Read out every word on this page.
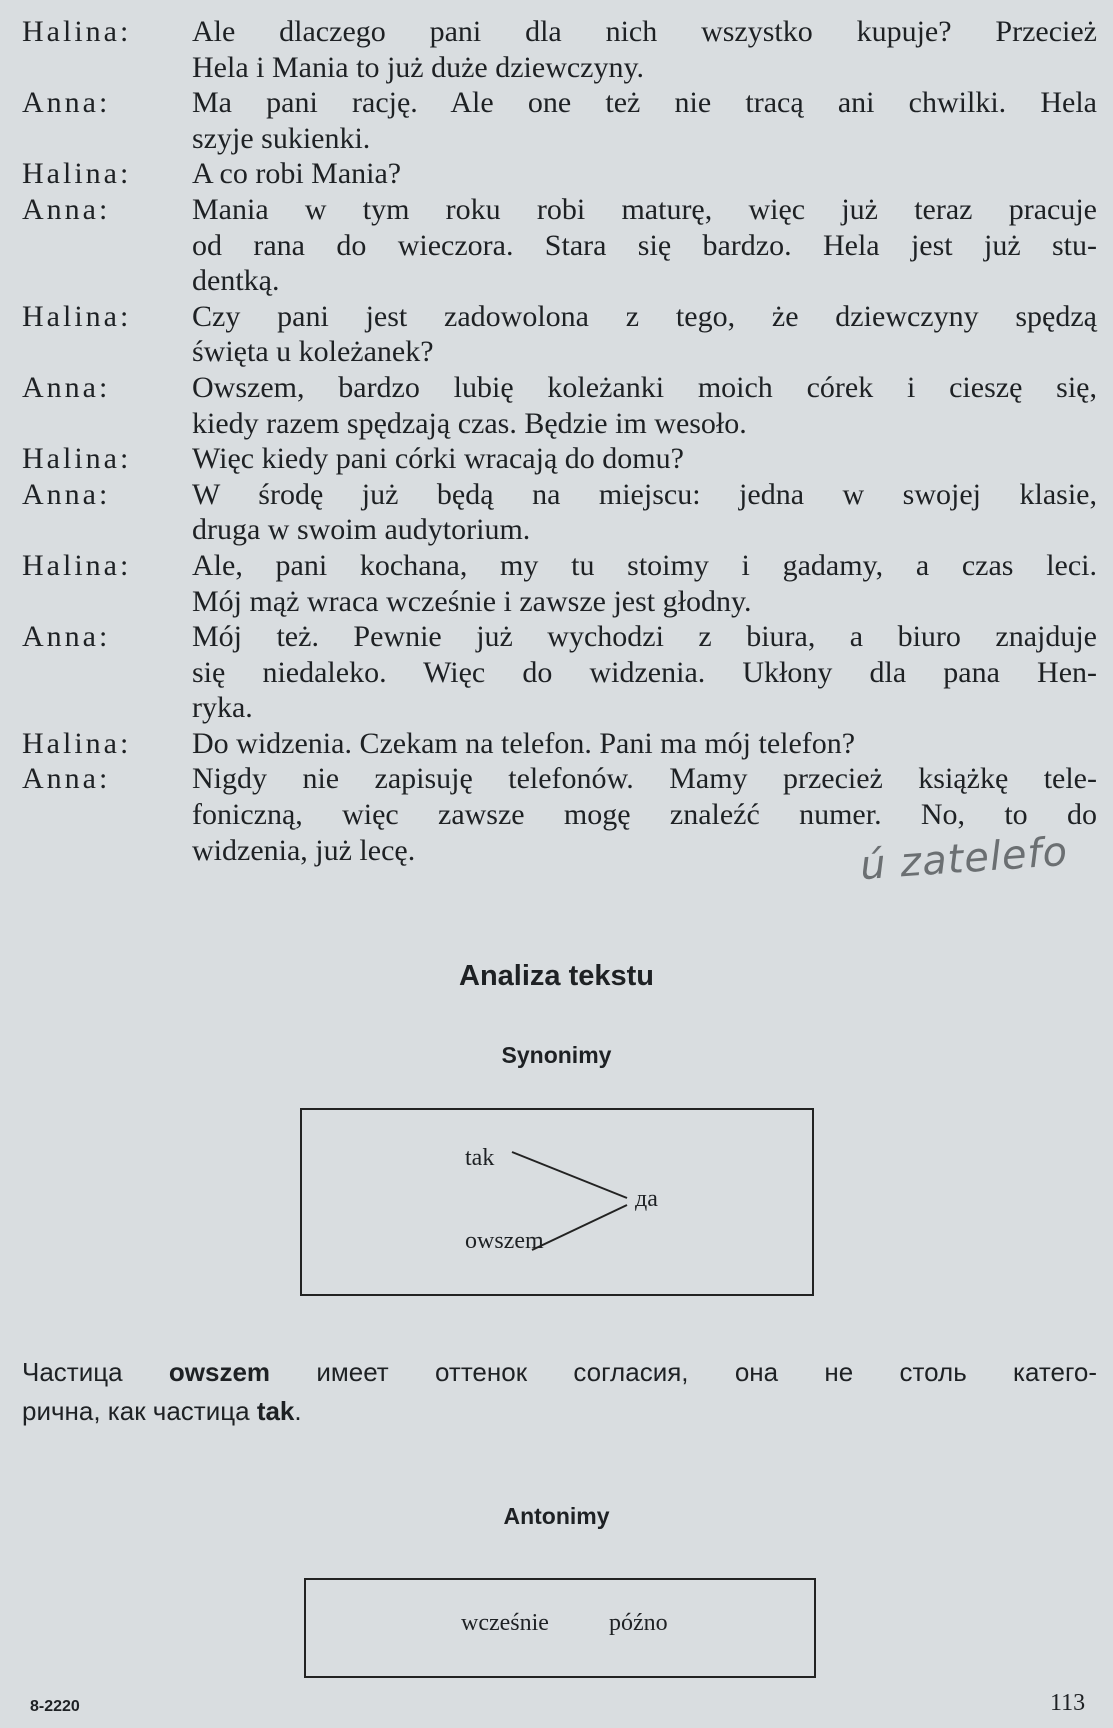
Halina:	Ale dlaczego pani dla nich wszystko kupuje? Przecież
Hela i Mania to już duże dziewczyny.
Anna:	Ma pani rację. Ale one też nie tracą ani chwilki. Hela
szyje sukienki.
Halina:	A co robi Mania?
Anna:	Mania w tym roku robi maturę, więc już teraz pracuje
od rana do wieczora. Stara się bardzo. Hela jest już stu-
dentką.
Halina:	Czy pani jest zadowolona z tego, że dziewczyny spędzą
święta u koleżanek?
Anna:	Owszem, bardzo lubię koleżanki moich córek i cieszę się,
kiedy razem spędzają czas. Będzie im wesoło.
Halina:	Więc kiedy pani córki wracają do domu?
Anna:	W środę już będą na miejscu: jedna w swojej klasie,
druga w swoim audytorium.
Halina:	Ale, pani kochana, my tu stoimy i gadamy, a czas leci.
Mój mąż wraca wcześnie i zawsze jest głodny.
Anna:	Mój też. Pewnie już wychodzi z biura, a biuro znajduje
się niedaleko. Więc do widzenia. Ukłony dla pana Hen-
ryka.
Halina:	Do widzenia. Czekam na telefon. Pani ma mój telefon?
Anna:	Nigdy nie zapisuję telefonów. Mamy przecież książkę tele-
foniczną, więc zawsze mogę znaleźć numer. No, to do
widzenia, już lecę.	ú zatelefo
Analiza tekstu
Synonimy
tak
owszem
да
Частица owszem имеет оттенок согласия, она не столь катего-
рична, как частица tak.
Antonimy
wcześnie	późno
8-2220	113
